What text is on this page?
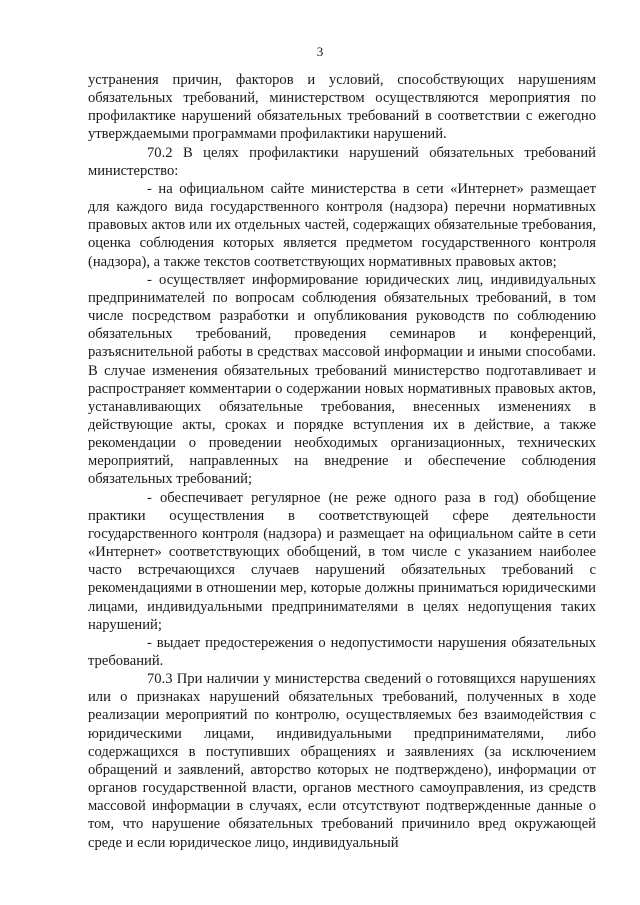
3

устранения причин, факторов и условий, способствующих нарушениям обязательных требований, министерством осуществляются мероприятия по профилактике нарушений обязательных требований в соответствии с ежегодно утверждаемыми программами профилактики нарушений.

70.2 В целях профилактики нарушений обязательных требований министерство:

- на официальном сайте министерства в сети «Интернет» размещает для каждого вида государственного контроля (надзора) перечни нормативных правовых актов или их отдельных частей, содержащих обязательные требования, оценка соблюдения которых является предметом государственного контроля (надзора), а также текстов соответствующих нормативных правовых актов;

- осуществляет информирование юридических лиц, индивидуальных предпринимателей по вопросам соблюдения обязательных требований, в том числе посредством разработки и опубликования руководств по соблюдению обязательных требований, проведения семинаров и конференций, разъяснительной работы в средствах массовой информации и иными способами. В случае изменения обязательных требований министерство подготавливает и распространяет комментарии о содержании новых нормативных правовых актов, устанавливающих обязательные требования, внесенных изменениях в действующие акты, сроках и порядке вступления их в действие, а также рекомендации о проведении необходимых организационных, технических мероприятий, направленных на внедрение и обеспечение соблюдения обязательных требований;

- обеспечивает регулярное (не реже одного раза в год) обобщение практики осуществления в соответствующей сфере деятельности государственного контроля (надзора) и размещает на официальном сайте в сети «Интернет» соответствующих обобщений, в том числе с указанием наиболее часто встречающихся случаев нарушений обязательных требований с рекомендациями в отношении мер, которые должны приниматься юридическими лицами, индивидуальными предпринимателями в целях недопущения таких нарушений;

- выдает предостережения о недопустимости нарушения обязательных требований.

70.3 При наличии у министерства сведений о готовящихся нарушениях или о признаках нарушений обязательных требований, полученных в ходе реализации мероприятий по контролю, осуществляемых без взаимодействия с юридическими лицами, индивидуальными предпринимателями, либо содержащихся в поступивших обращениях и заявлениях (за исключением обращений и заявлений, авторство которых не подтверждено), информации от органов государственной власти, органов местного самоуправления, из средств массовой информации в случаях, если отсутствуют подтвержденные данные о том, что нарушение обязательных требований причинило вред окружающей среде и если юридическое лицо, индивидуальный
